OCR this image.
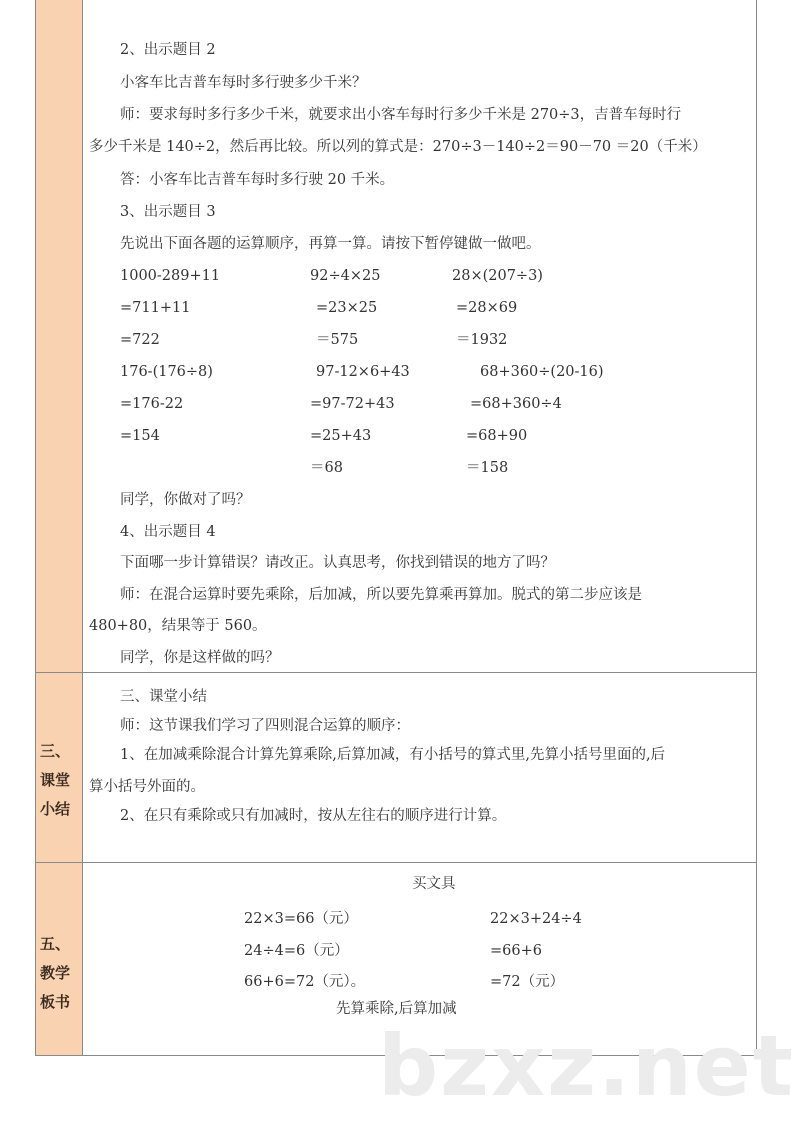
bzxz.net
2、出示题目 2
小客车比吉普车每时多行驶多少千米？
师：要求每时多行多少千米，就要求出小客车每时行多少千米是 270÷3，吉普车每时行
多少千米是 140÷2，然后再比较。所以列的算式是：270÷3－140÷2＝90－70 ＝20（千米）
答：小客车比吉普车每时多行驶 20 千米。
3、出示题目 3
先说出下面各题的运算顺序，再算一算。请按下暂停键做一做吧。
1000-289+11
=711+11
=722
176-(176÷8)
=176-22
=154
92÷4×25
=23×25
＝575
97-12×6+43
=97-72+43
=25+43
＝68
28×(207÷3)
=28×69
＝1932
68+360÷(20-16)
=68+360÷4
=68+90
＝158
同学，你做对了吗？
4、出示题目 4
下面哪一步计算错误？请改正。认真思考，你找到错误的地方了吗？
师：在混合运算时要先乘除，后加减，所以要先算乘再算加。脱式的第二步应该是
480+80，结果等于 560。
同学，你是这样做的吗？
三、
课堂
小结
三、课堂小结
师：这节课我们学习了四则混合运算的顺序：
1、在加减乘除混合计算先算乘除,后算加减，有小括号的算式里,先算小括号里面的,后
算小括号外面的。
2、在只有乘除或只有加减时，按从左往右的顺序进行计算。
五、
教学
板书
买文具
22×3=66（元）
24÷4=6（元）
66+6=72（元）。
22×3+24÷4
=66+6
=72（元）
先算乘除,后算加减
